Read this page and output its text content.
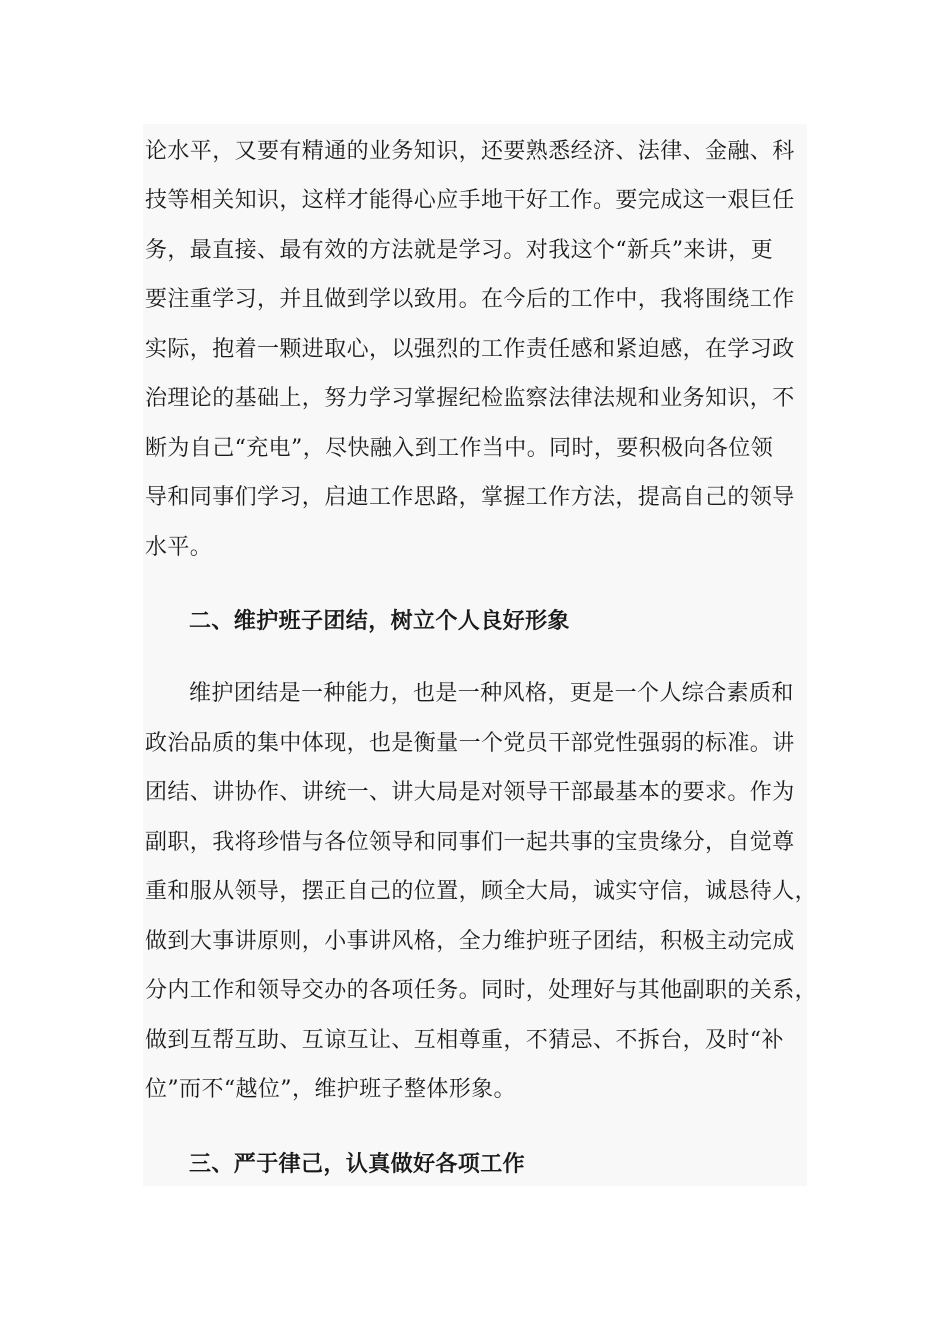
论水平，又要有精通的业务知识，还要熟悉经济、法律、金融、科
技等相关知识，这样才能得心应手地干好工作。要完成这一艰巨任
务，最直接、最有效的方法就是学习。对我这个“新兵”来讲，更
要注重学习，并且做到学以致用。在今后的工作中，我将围绕工作
实际，抱着一颗进取心，以强烈的工作责任感和紧迫感，在学习政
治理论的基础上，努力学习掌握纪检监察法律法规和业务知识，不
断为自己“充电”，尽快融入到工作当中。同时，要积极向各位领
导和同事们学习，启迪工作思路，掌握工作方法，提高自己的领导
水平。
二、维护班子团结，树立个人良好形象
维护团结是一种能力，也是一种风格，更是一个人综合素质和
政治品质的集中体现，也是衡量一个党员干部党性强弱的标准。讲
团结、讲协作、讲统一、讲大局是对领导干部最基本的要求。作为
副职，我将珍惜与各位领导和同事们一起共事的宝贵缘分，自觉尊
重和服从领导，摆正自己的位置，顾全大局，诚实守信，诚恳待人，
做到大事讲原则，小事讲风格，全力维护班子团结，积极主动完成
分内工作和领导交办的各项任务。同时，处理好与其他副职的关系，
做到互帮互助、互谅互让、互相尊重，不猜忌、不拆台，及时“补
位”而不“越位”，维护班子整体形象。
三、严于律己，认真做好各项工作
